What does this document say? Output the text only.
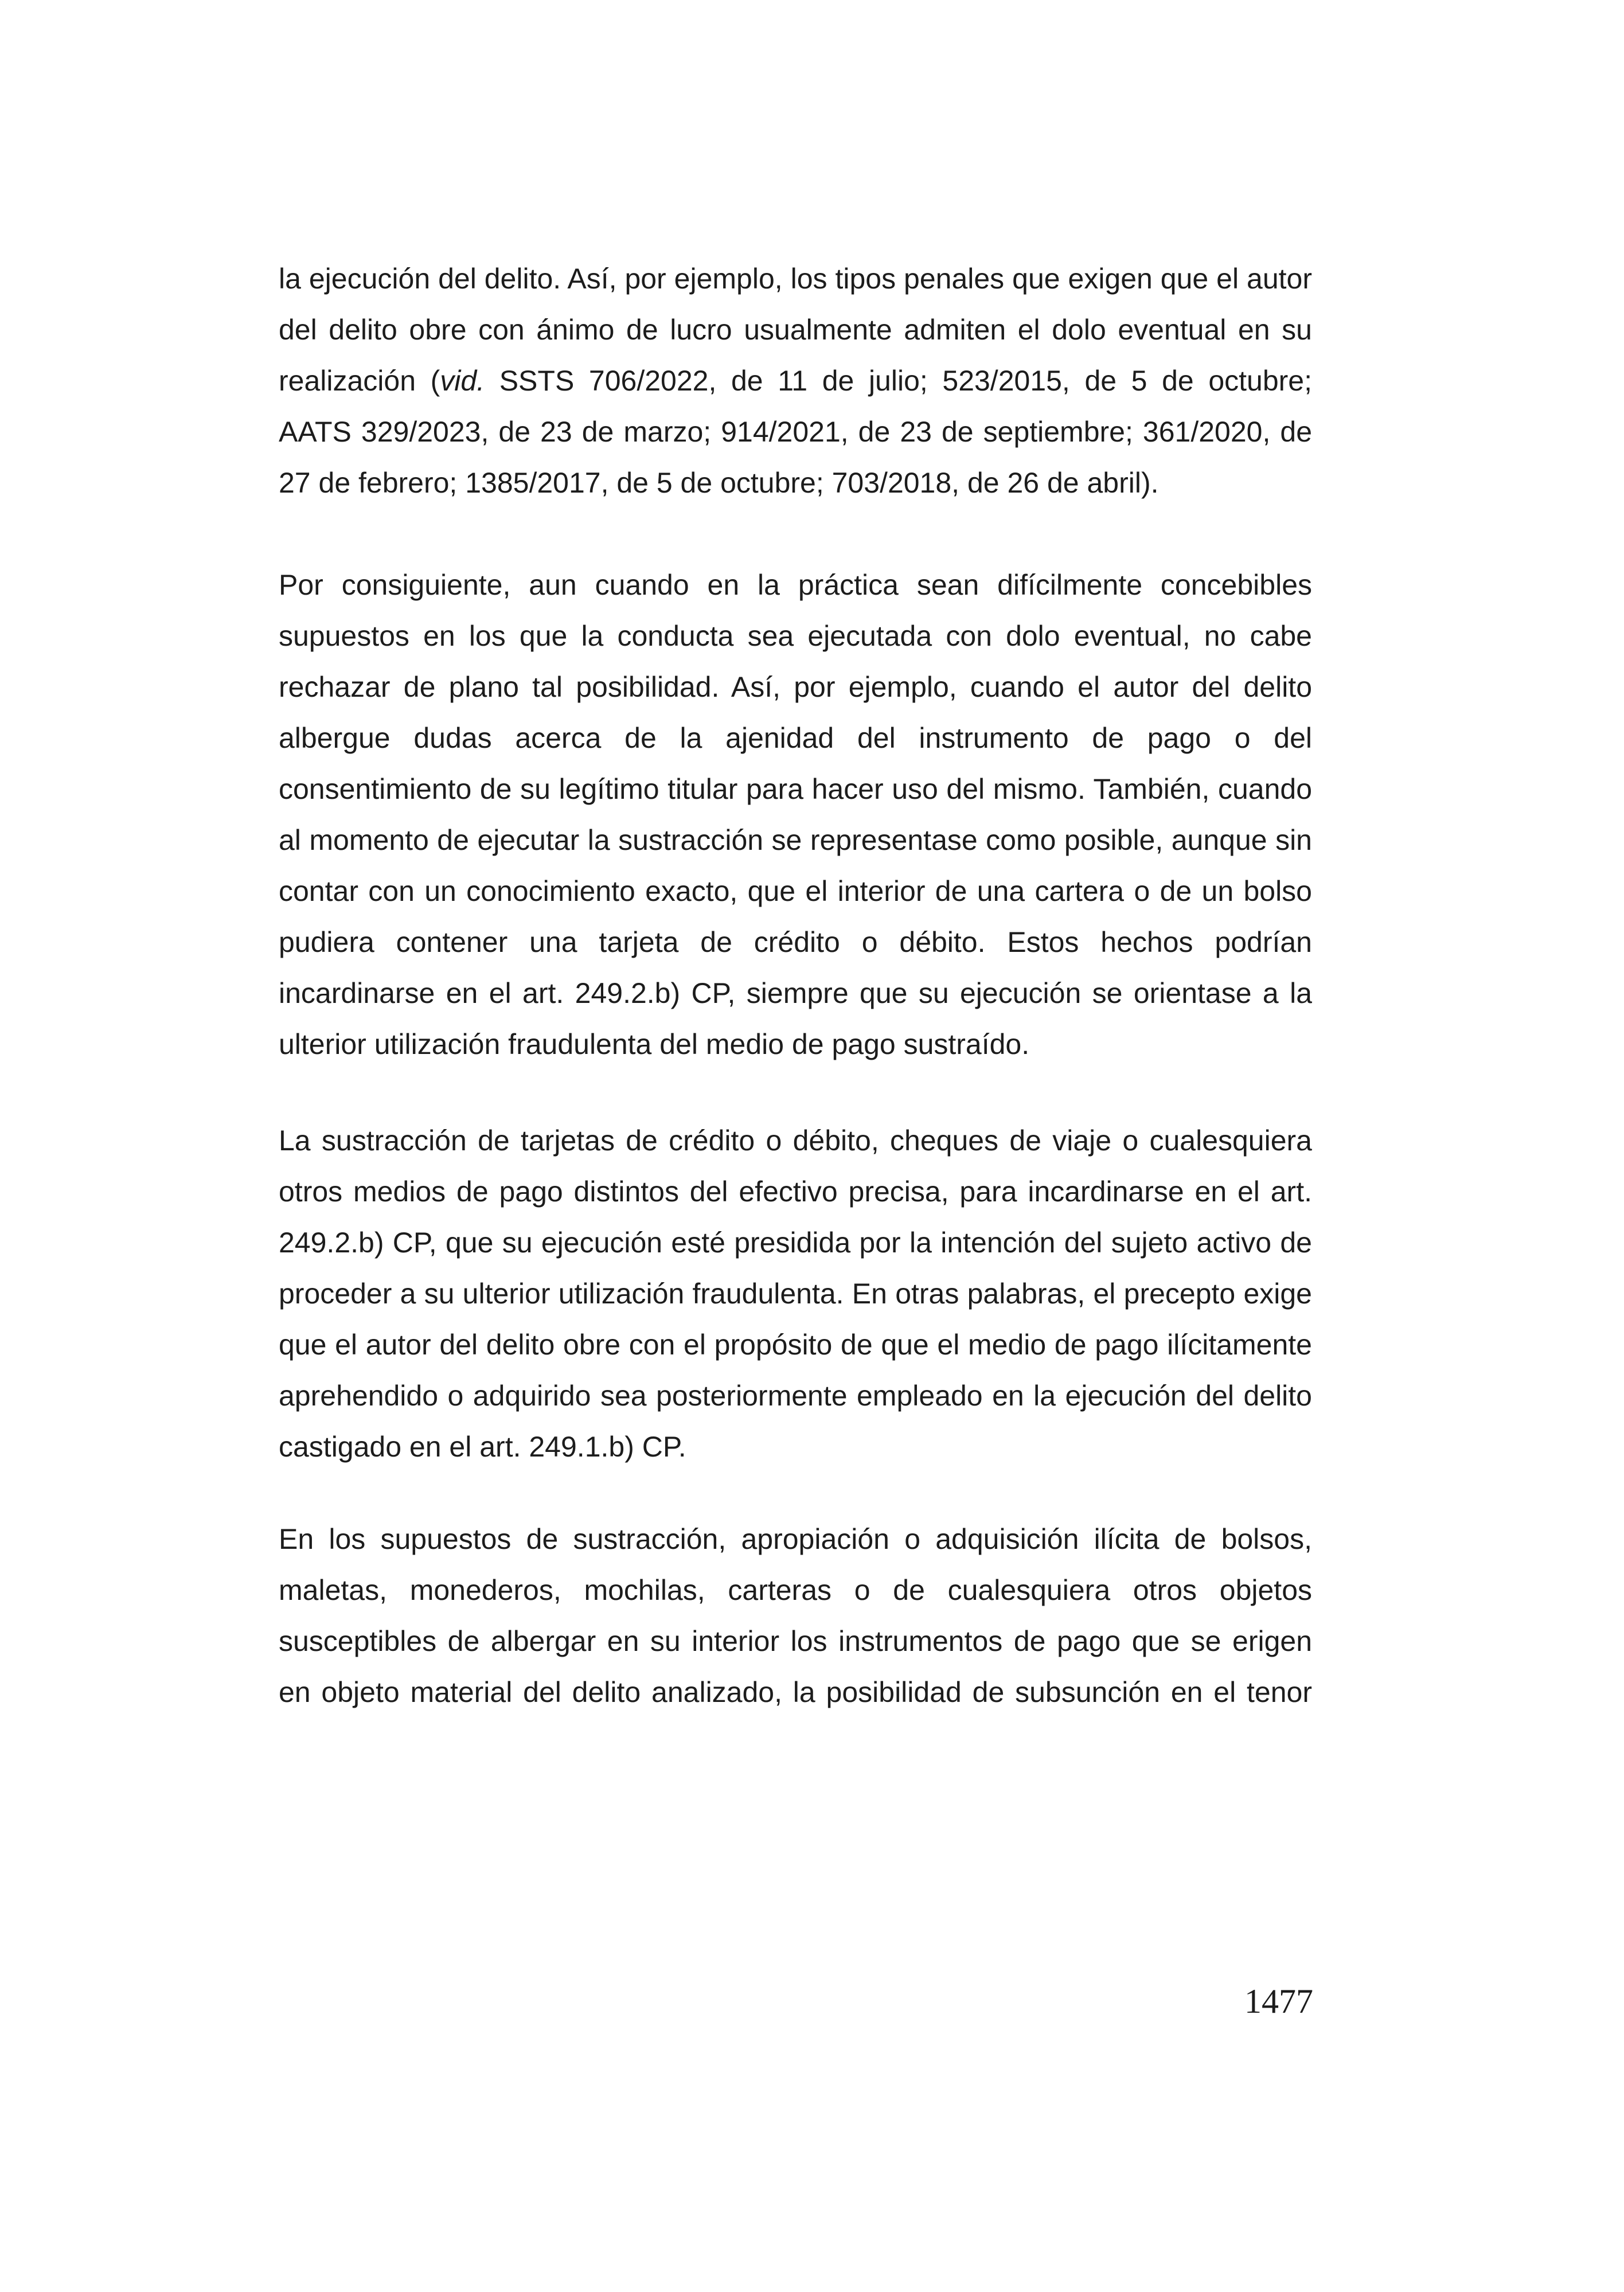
la ejecución del delito. Así, por ejemplo, los tipos penales que exigen que el autor
del delito obre con ánimo de lucro usualmente admiten el dolo eventual en su
realización (vid. SSTS 706/2022, de 11 de julio; 523/2015, de 5 de octubre;
AATS 329/2023, de 23 de marzo; 914/2021, de 23 de septiembre; 361/2020, de
27 de febrero; 1385/2017, de 5 de octubre; 703/2018, de 26 de abril).
Por consiguiente, aun cuando en la práctica sean difícilmente concebibles
supuestos en los que la conducta sea ejecutada con dolo eventual, no cabe
rechazar de plano tal posibilidad. Así, por ejemplo, cuando el autor del delito
albergue dudas acerca de la ajenidad del instrumento de pago o del
consentimiento de su legítimo titular para hacer uso del mismo. También, cuando
al momento de ejecutar la sustracción se representase como posible, aunque sin
contar con un conocimiento exacto, que el interior de una cartera o de un bolso
pudiera contener una tarjeta de crédito o débito. Estos hechos podrían
incardinarse en el art. 249.2.b) CP, siempre que su ejecución se orientase a la
ulterior utilización fraudulenta del medio de pago sustraído.
La sustracción de tarjetas de crédito o débito, cheques de viaje o cualesquiera
otros medios de pago distintos del efectivo precisa, para incardinarse en el art.
249.2.b) CP, que su ejecución esté presidida por la intención del sujeto activo de
proceder a su ulterior utilización fraudulenta. En otras palabras, el precepto exige
que el autor del delito obre con el propósito de que el medio de pago ilícitamente
aprehendido o adquirido sea posteriormente empleado en la ejecución del delito
castigado en el art. 249.1.b) CP.
En los supuestos de sustracción, apropiación o adquisición ilícita de bolsos,
maletas, monederos, mochilas, carteras o de cualesquiera otros objetos
susceptibles de albergar en su interior los instrumentos de pago que se erigen
en objeto material del delito analizado, la posibilidad de subsunción en el tenor
1477
